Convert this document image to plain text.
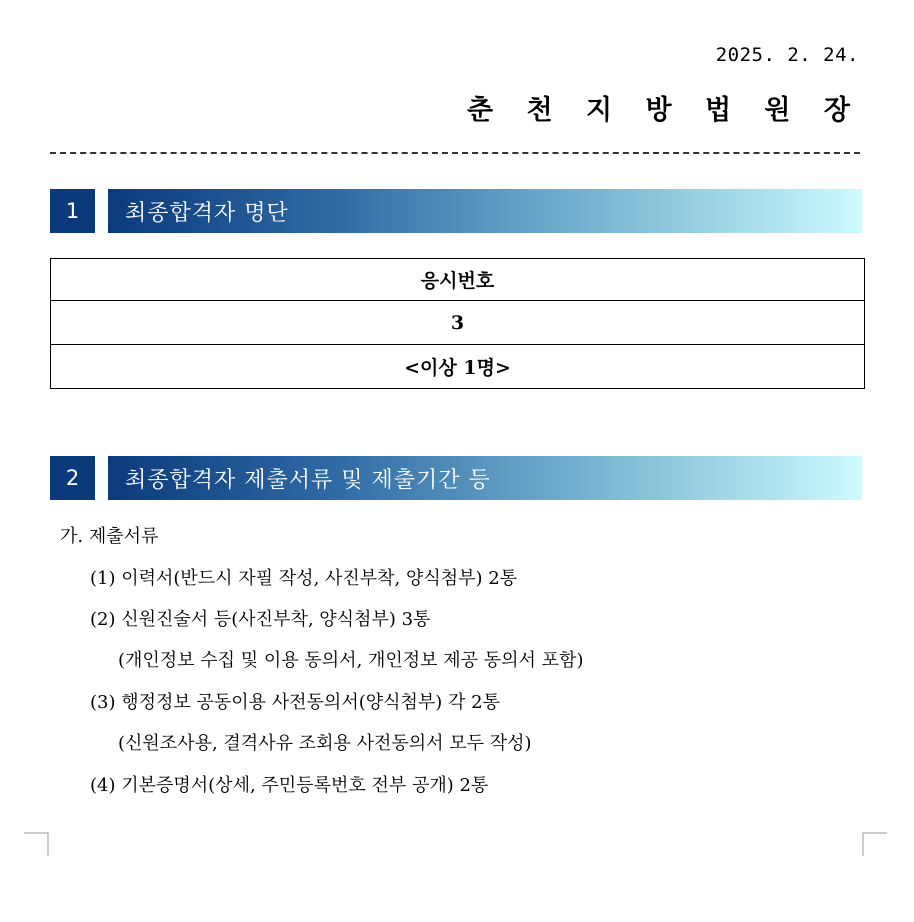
2025. 2. 24.
춘 천 지 방 법 원 장
1	최종합격자 명단
응시번호
3
<이상 1명>
2	최종합격자 제출서류 및 제출기간 등
가. 제출서류
(1) 이력서(반드시 자필 작성, 사진부착, 양식첨부) 2통
(2) 신원진술서 등(사진부착, 양식첨부) 3통
(개인정보 수집 및 이용 동의서, 개인정보 제공 동의서 포함)
(3) 행정정보 공동이용 사전동의서(양식첨부) 각 2통
(신원조사용, 결격사유 조회용 사전동의서 모두 작성)
(4) 기본증명서(상세, 주민등록번호 전부 공개) 2통
